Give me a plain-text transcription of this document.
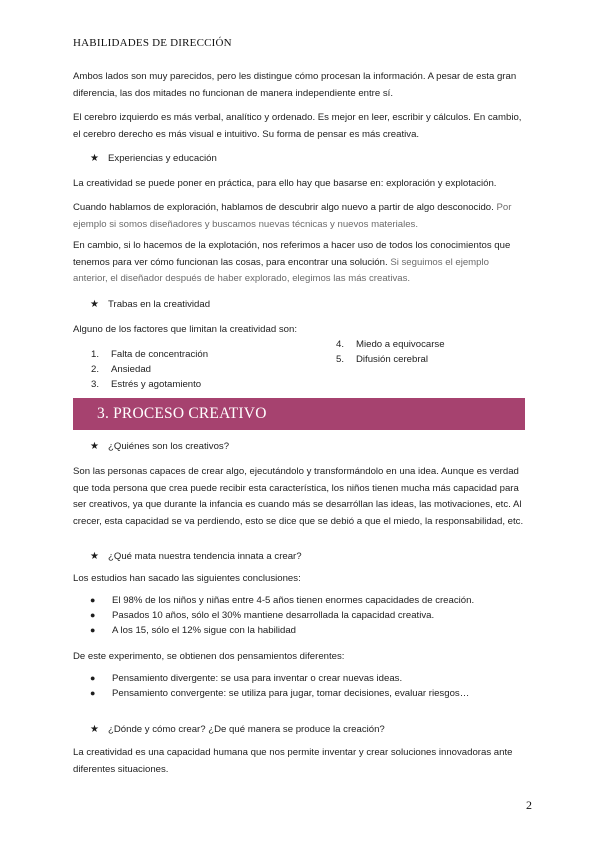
HABILIDADES DE DIRECCIÓN

Ambos lados son muy parecidos, pero les distingue cómo procesan la información. A pesar de esta gran diferencia, las dos mitades no funcionan de manera independiente entre sí.

El cerebro izquierdo es más verbal, analítico y ordenado. Es mejor en leer, escribir y cálculos. En cambio, el cerebro derecho es más visual e intuitivo. Su forma de pensar es más creativa.

★ Experiencias y educación

La creatividad se puede poner en práctica, para ello hay que basarse en: exploración y explotación.

Cuando hablamos de exploración, hablamos de descubrir algo nuevo a partir de algo desconocido. Por ejemplo si somos diseñadores y buscamos nuevas técnicas y nuevos materiales.

En cambio, si lo hacemos de la explotación, nos referimos a hacer uso de todos los conocimientos que tenemos para ver cómo funcionan las cosas, para encontrar una solución. Si seguimos el ejemplo anterior, el diseñador después de haber explorado, elegimos las más creativas.

★ Trabas en la creatividad

Alguno de los factores que limitan la creatividad son:

1. Falta de concentración
2. Ansiedad
3. Estrés y agotamiento
4. Miedo a equivocarse
5. Difusión cerebral
3. PROCESO CREATIVO
★ ¿Quiénes son los creativos?

Son las personas capaces de crear algo, ejecutándolo y transformándolo en una idea. Aunque es verdad que toda persona que crea puede recibir esta característica, los niños tienen mucha más capacidad para ser creativos, ya que durante la infancia es cuando más se desarróllan las ideas, las motivaciones, etc. Al crecer, esta capacidad se va perdiendo, esto se dice que se debió a que el miedo, la responsabilidad, etc.

★ ¿Qué mata nuestra tendencia innata a crear?

Los estudios han sacado las siguientes conclusiones:

● El 98% de los niños y niñas entre 4-5 años tienen enormes capacidades de creación.
● Pasados 10 años, sólo el 30% mantiene desarrollada la capacidad creativa.
● A los 15, sólo el 12% sigue con la habilidad

De este experimento, se obtienen dos pensamientos diferentes:

● Pensamiento divergente: se usa para inventar o crear nuevas ideas.
● Pensamiento convergente: se utiliza para jugar, tomar decisiones, evaluar riesgos…
★ ¿Dónde y cómo crear? ¿De qué manera se produce la creación?

La creatividad es una capacidad humana que nos permite inventar y crear soluciones innovadoras ante diferentes situaciones.

2
